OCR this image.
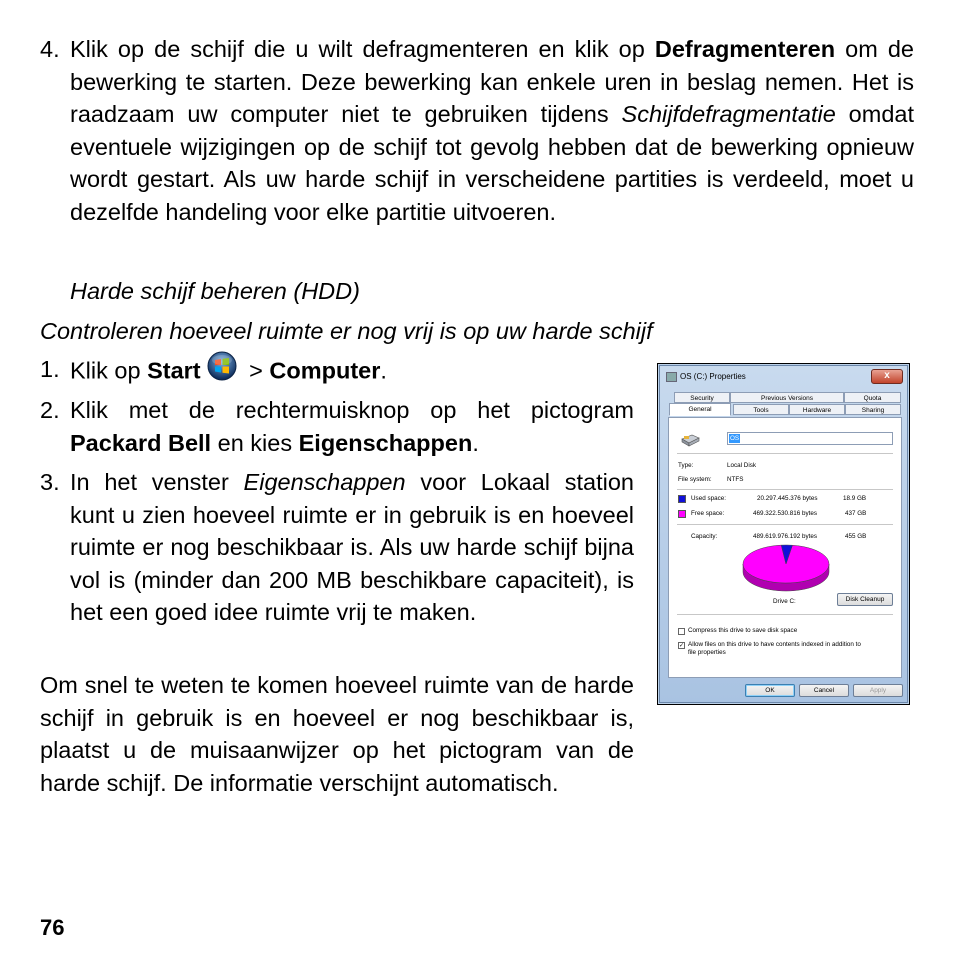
4. Klik op de schijf die u wilt defragmenteren en klik op Defragmenteren om de bewerking te starten. Deze bewerking kan enkele uren in beslag nemen. Het is raadzaam uw computer niet te gebruiken tijdens Schijfdefragmentatie omdat eventuele wijzigingen op de schijf tot gevolg hebben dat de bewerking opnieuw wordt gestart. Als uw harde schijf in verscheidene partities is verdeeld, moet u dezelfde handeling voor elke partitie uitvoeren.

Harde schijf beheren (HDD)

Controleren hoeveel ruimte er nog vrij is op uw harde schijf

1. Klik op Start > Computer.

2. Klik met de rechtermuisknop op het pictogram Packard Bell en kies Eigenschappen.

3. In het venster Eigenschappen voor Lokaal station kunt u zien hoeveel ruimte er in gebruik is en hoeveel ruimte er nog beschikbaar is. Als uw harde schijf bijna vol is (minder dan 200 MB beschikbare capaciteit), is het een goed idee ruimte vrij te maken.

Om snel te weten te komen hoeveel ruimte van de harde schijf in gebruik is en hoeveel er nog beschikbaar is, plaatst u de muisaanwijzer op het pictogram van de harde schijf. De informatie verschijnt automatisch.

76
OS (C:) Properties	x
Security	Previous Versions	Quota
Tools	Hardware	Sharing
General
OS
Type:	Local Disk
File system: NTFS
Used space:	20.297.445.376 bytes	18.9 GB
Free space:	469.322.530.816 bytes	437 GB
Capacity:	489.619.976.192 bytes	455 GB
Drive C:	Disk Cleanup
Compress this drive to save disk space
✓ Allow files on this drive to have contents indexed in addition to
file properties
OK	Cancel	Apply
